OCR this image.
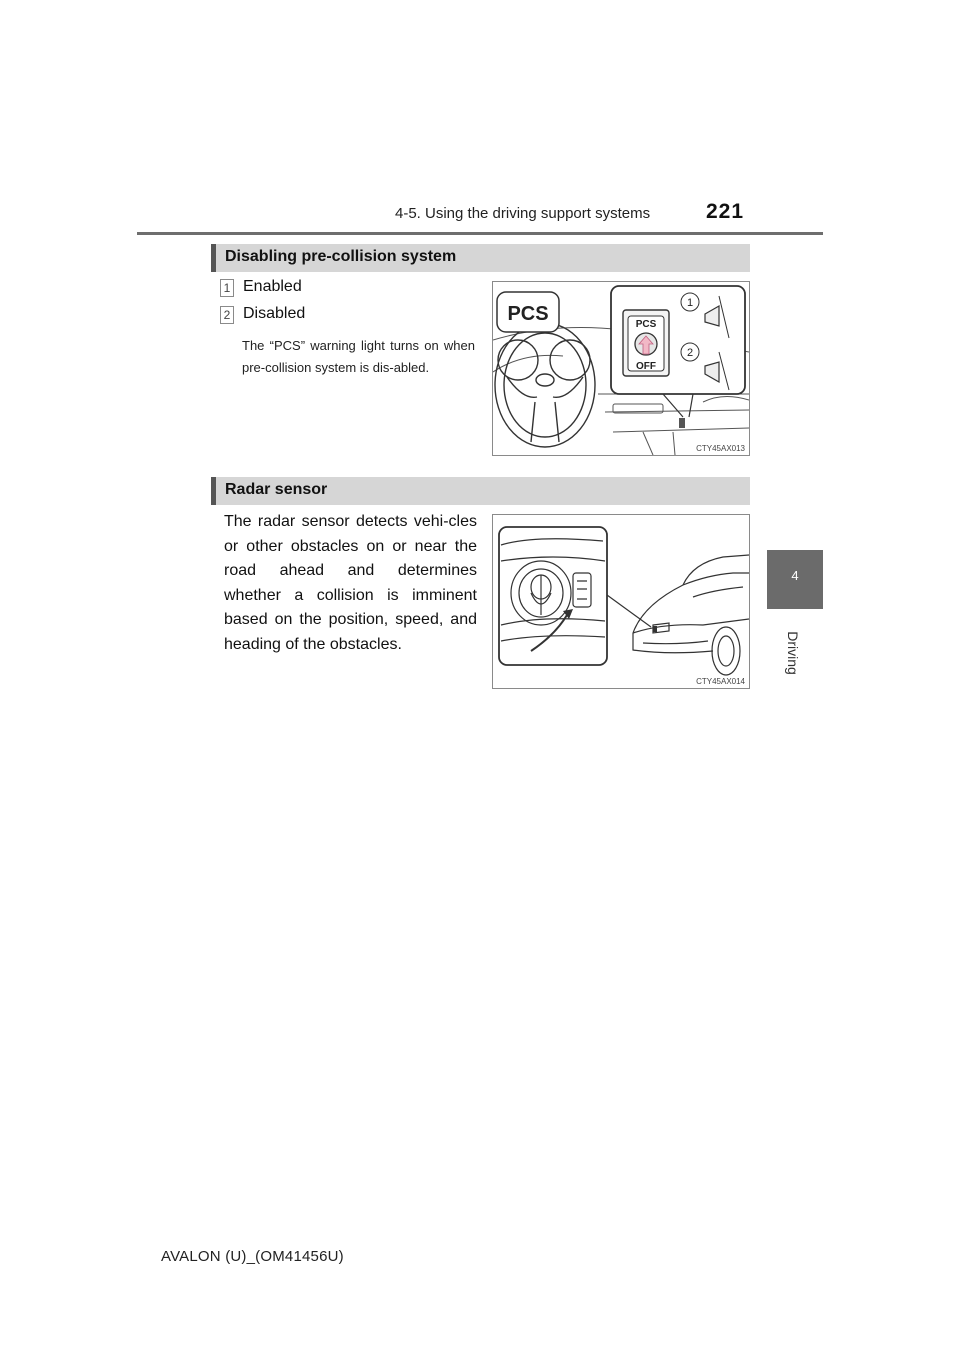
4-5. Using the driving support systems	221
4
Driving
Disabling pre-collision system
1 Enabled
2 Disabled
The “PCS” warning light turns on when pre-collision system is dis-abled.
PCS	PCS
OFF
1
2
CTY45AX013
Radar sensor
The radar sensor detects vehi-cles or other obstacles on or near the road ahead and determines whether a collision is imminent based on the position, speed, and heading of the obstacles.
CTY45AX014
AVALON (U)_(OM41456U)
